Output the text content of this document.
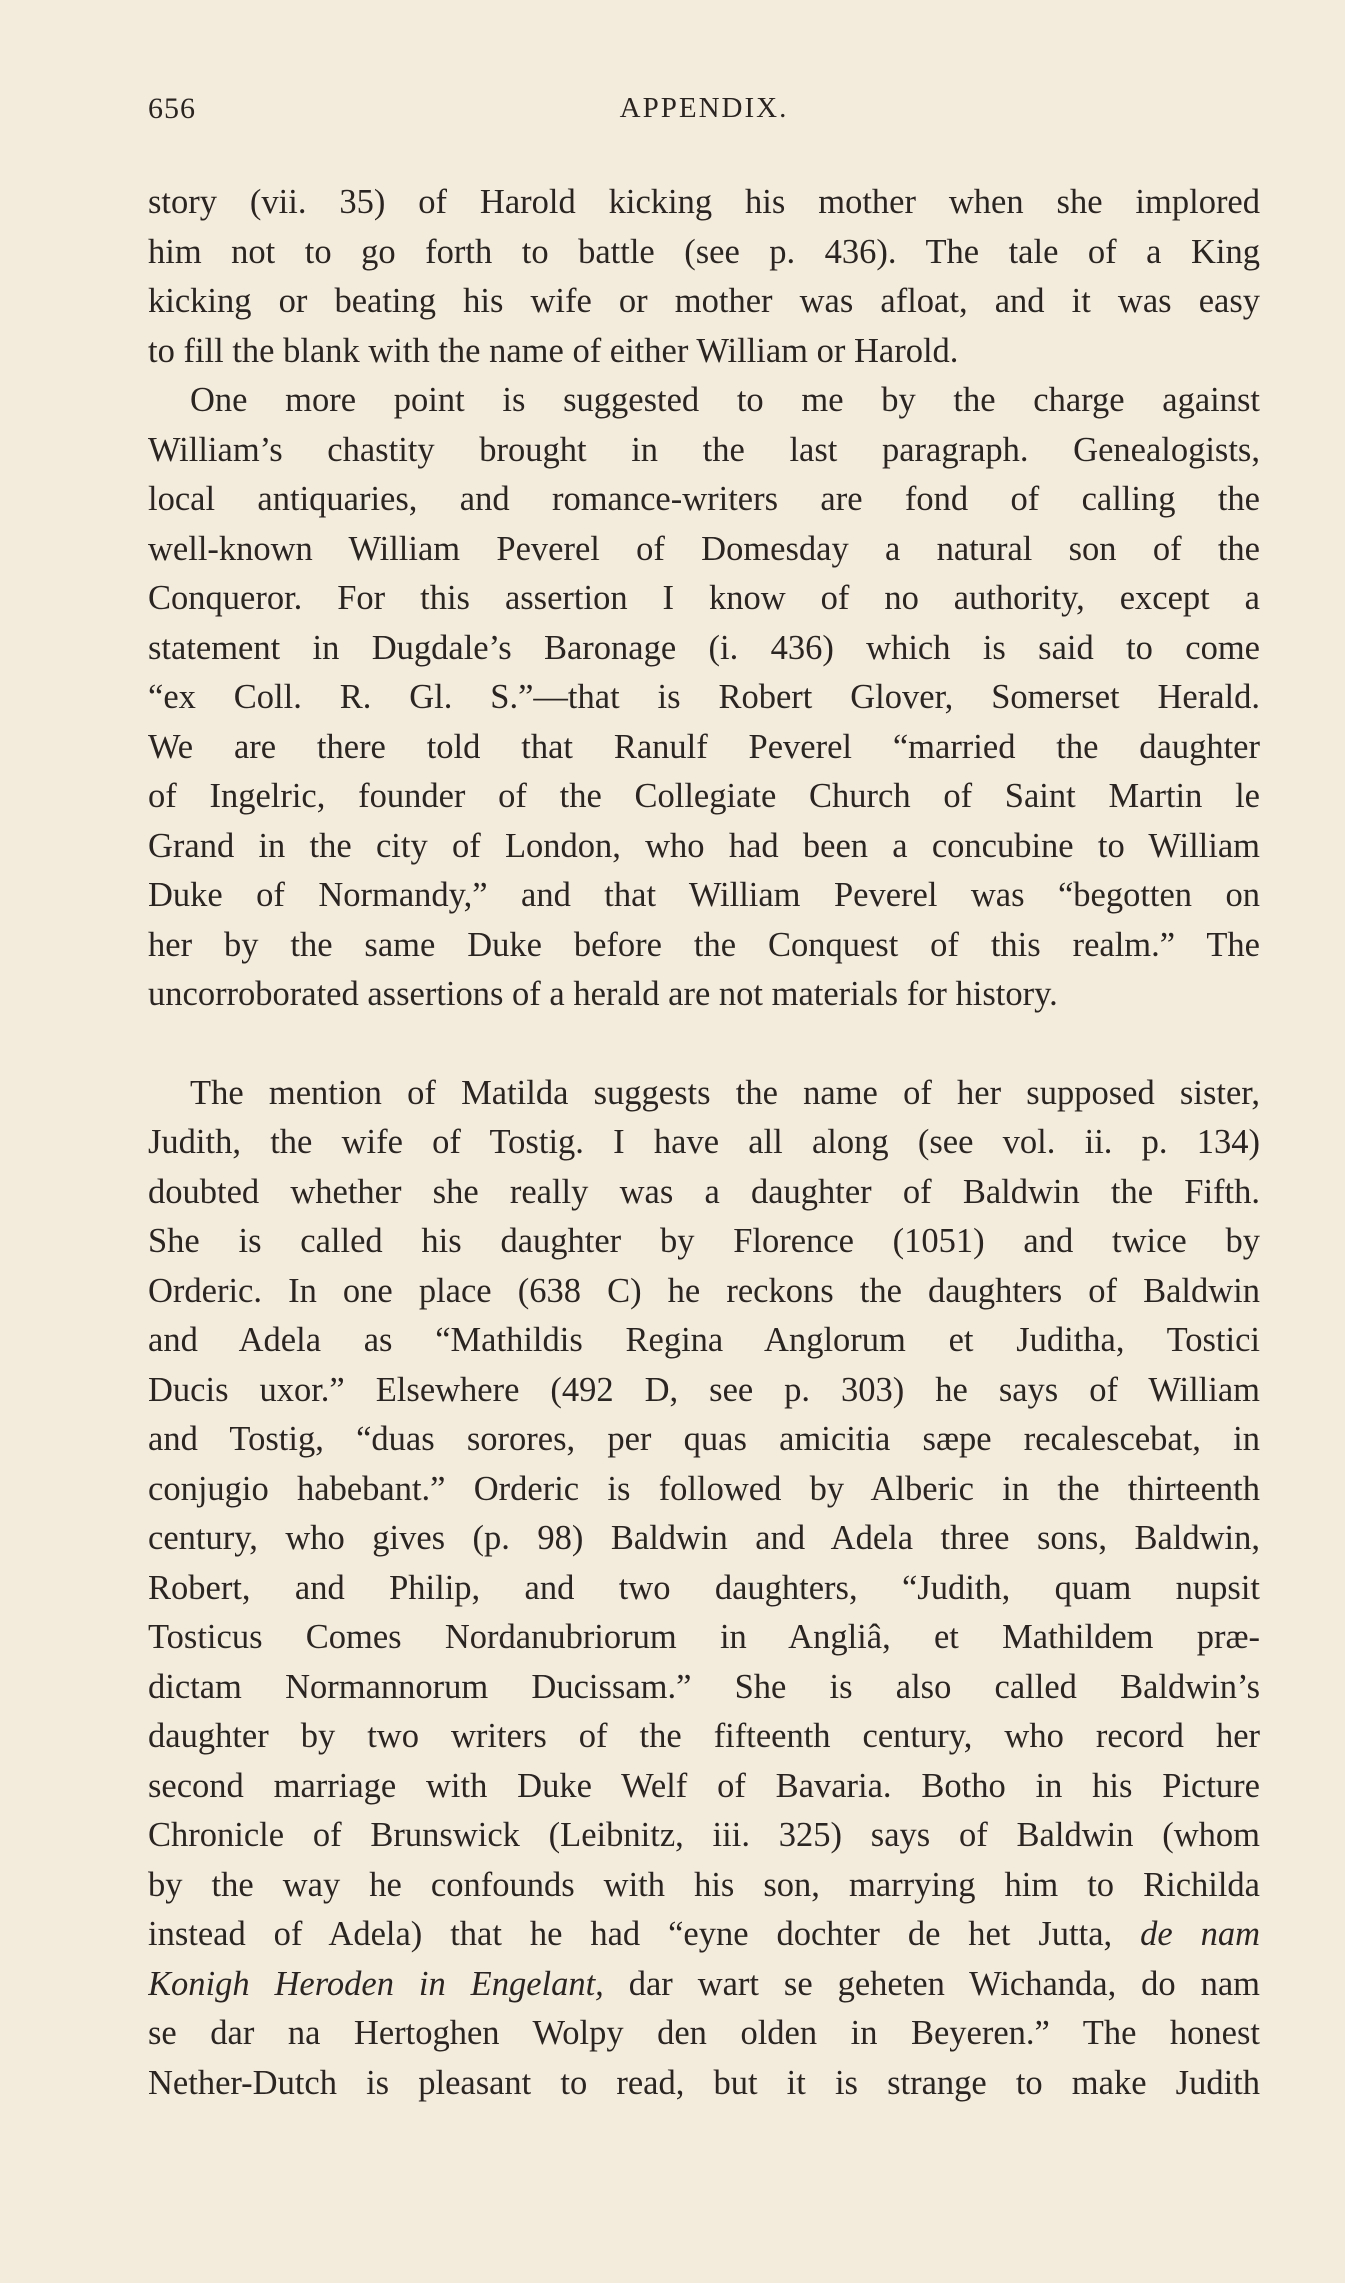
656	APPENDIX.
story (vii. 35) of Harold kicking his mother when she implored
him not to go forth to battle (see p. 436). The tale of a King
kicking or beating his wife or mother was afloat, and it was easy
to fill the blank with the name of either William or Harold.
One more point is suggested to me by the charge against
William’s chastity brought in the last paragraph. Genealogists,
local antiquaries, and romance-writers are fond of calling the
well-known William Peverel of Domesday a natural son of the
Conqueror. For this assertion I know of no authority, except a
statement in Dugdale’s Baronage (i. 436) which is said to come
“ex Coll. R. Gl. S.”—that is Robert Glover, Somerset Herald.
We are there told that Ranulf Peverel “married the daughter
of Ingelric, founder of the Collegiate Church of Saint Martin le
Grand in the city of London, who had been a concubine to William
Duke of Normandy,” and that William Peverel was “begotten on
her by the same Duke before the Conquest of this realm.” The
uncorroborated assertions of a herald are not materials for history.
The mention of Matilda suggests the name of her supposed sister,
Judith, the wife of Tostig. I have all along (see vol. ii. p. 134)
doubted whether she really was a daughter of Baldwin the Fifth.
She is called his daughter by Florence (1051) and twice by
Orderic. In one place (638 C) he reckons the daughters of Baldwin
and Adela as “Mathildis Regina Anglorum et Juditha, Tostici
Ducis uxor.” Elsewhere (492 D, see p. 303) he says of William
and Tostig, “duas sorores, per quas amicitia sæpe recalescebat, in
conjugio habebant.” Orderic is followed by Alberic in the thirteenth
century, who gives (p. 98) Baldwin and Adela three sons, Baldwin,
Robert, and Philip, and two daughters, “Judith, quam nupsit
Tosticus Comes Nordanubriorum in Angliâ, et Mathildem præ-
dictam Normannorum Ducissam.” She is also called Baldwin’s
daughter by two writers of the fifteenth century, who record her
second marriage with Duke Welf of Bavaria. Botho in his Picture
Chronicle of Brunswick (Leibnitz, iii. 325) says of Baldwin (whom
by the way he confounds with his son, marrying him to Richilda
instead of Adela) that he had “eyne dochter de het Jutta, de nam
Konigh Heroden in Engelant, dar wart se geheten Wichanda, do nam
se dar na Hertoghen Wolpy den olden in Beyeren.” The honest
Nether-Dutch is pleasant to read, but it is strange to make Judith
